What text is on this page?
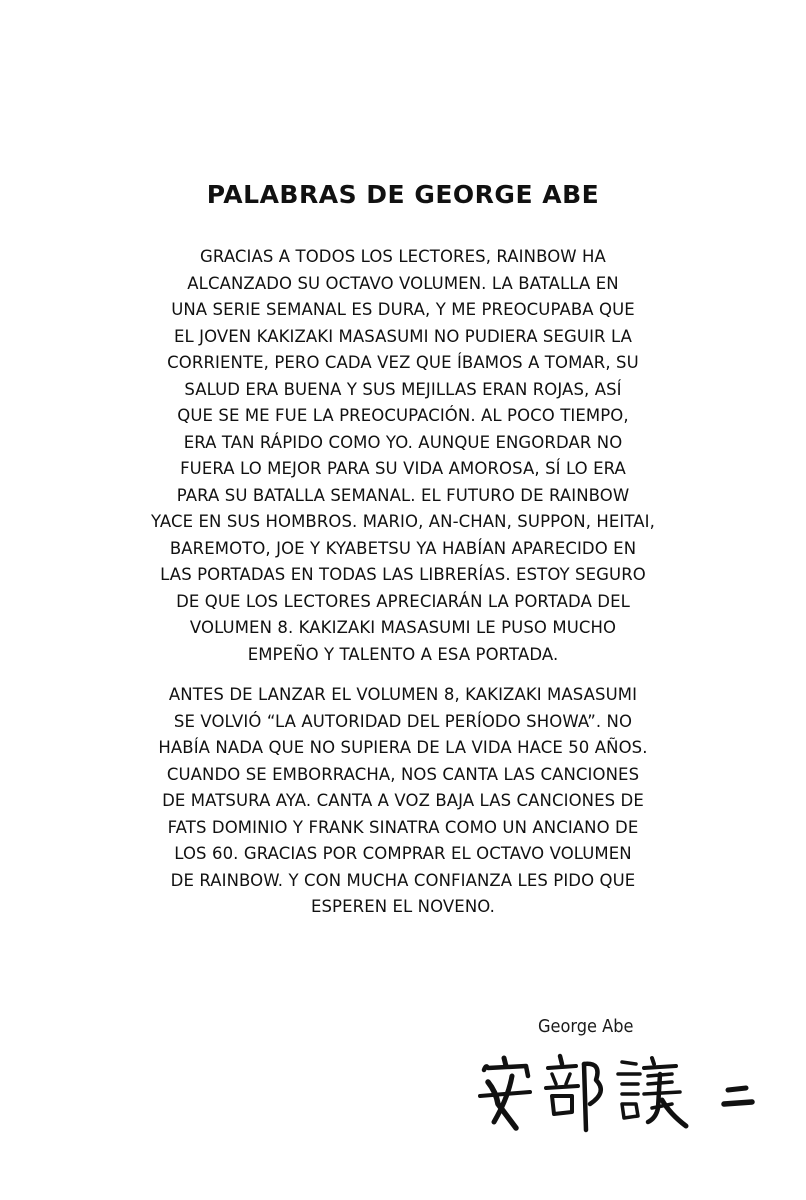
PALABRAS DE GEORGE ABE
GRACIAS A TODOS LOS LECTORES, RAINBOW HA
ALCANZADO SU OCTAVO VOLUMEN. LA BATALLA EN
UNA SERIE SEMANAL ES DURA, Y ME PREOCUPABA QUE
EL JOVEN KAKIZAKI MASASUMI NO PUDIERA SEGUIR LA
CORRIENTE, PERO CADA VEZ QUE ÍBAMOS A TOMAR, SU
SALUD ERA BUENA Y SUS MEJILLAS ERAN ROJAS, ASÍ
QUE SE ME FUE LA PREOCUPACIÓN. AL POCO TIEMPO,
ERA TAN RÁPIDO COMO YO. AUNQUE ENGORDAR NO
FUERA LO MEJOR PARA SU VIDA AMOROSA, SÍ LO ERA
PARA SU BATALLA SEMANAL. EL FUTURO DE RAINBOW
YACE EN SUS HOMBROS. MARIO, AN-CHAN, SUPPON, HEITAI,
BAREMOTO, JOE Y KYABETSU YA HABÍAN APARECIDO EN
LAS PORTADAS EN TODAS LAS LIBRERÍAS. ESTOY SEGURO
DE QUE LOS LECTORES APRECIARÁN LA PORTADA DEL
VOLUMEN 8. KAKIZAKI MASASUMI LE PUSO MUCHO
EMPEÑO Y TALENTO A ESA PORTADA.
ANTES DE LANZAR EL VOLUMEN 8, KAKIZAKI MASASUMI
SE VOLVIÓ “LA AUTORIDAD DEL PERÍODO SHOWA”. NO
HABÍA NADA QUE NO SUPIERA DE LA VIDA HACE 50 AÑOS.
CUANDO SE EMBORRACHA, NOS CANTA LAS CANCIONES
DE MATSURA AYA. CANTA A VOZ BAJA LAS CANCIONES DE
FATS DOMINIO Y FRANK SINATRA COMO UN ANCIANO DE
LOS 60. GRACIAS POR COMPRAR EL OCTAVO VOLUMEN
DE RAINBOW. Y CON MUCHA CONFIANZA LES PIDO QUE
ESPEREN EL NOVENO.
George Abe
